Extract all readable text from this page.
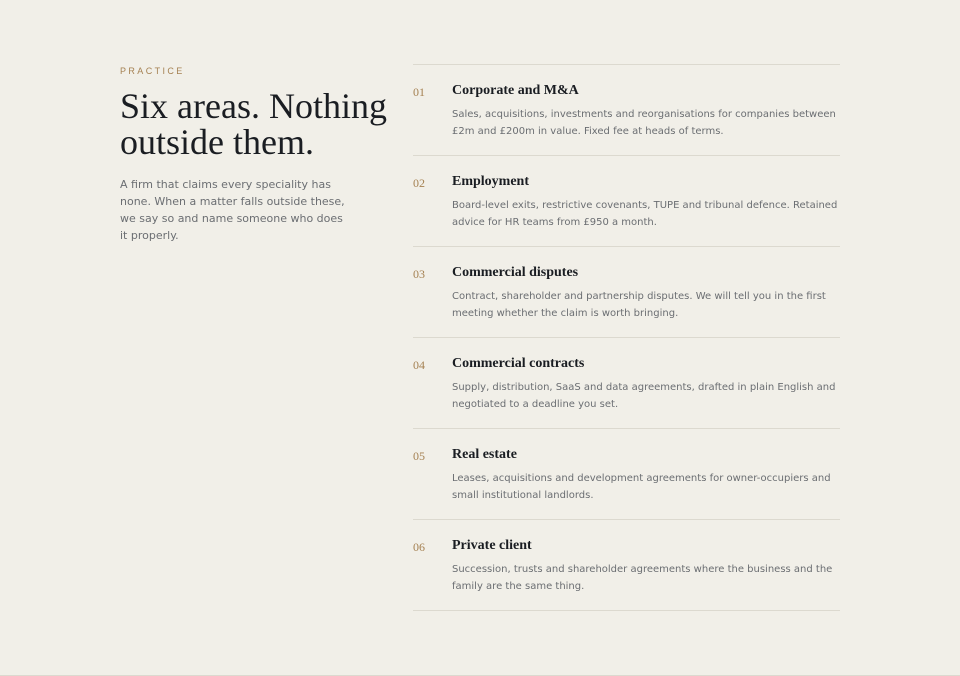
PRACTICE
Six areas. Nothing outside them.

A firm that claims every speciality has none. When a matter falls outside these, we say so and name someone who does it properly.

01 Corporate and M&A

Sales, acquisitions, investments and reorganisations for companies between £2m and £200m in value. Fixed fee at heads of terms.

02 Employment

Board-level exits, restrictive covenants, TUPE and tribunal defence. Retained advice for HR teams from £950 a month.

03 Commercial disputes

Contract, shareholder and partnership disputes. We will tell you in the first meeting whether the claim is worth bringing.

04 Commercial contracts

Supply, distribution, SaaS and data agreements, drafted in plain English and negotiated to a deadline you set.

05 Real estate

Leases, acquisitions and development agreements for owner-occupiers and small institutional landlords.

06 Private client

Succession, trusts and shareholder agreements where the business and the family are the same thing.
